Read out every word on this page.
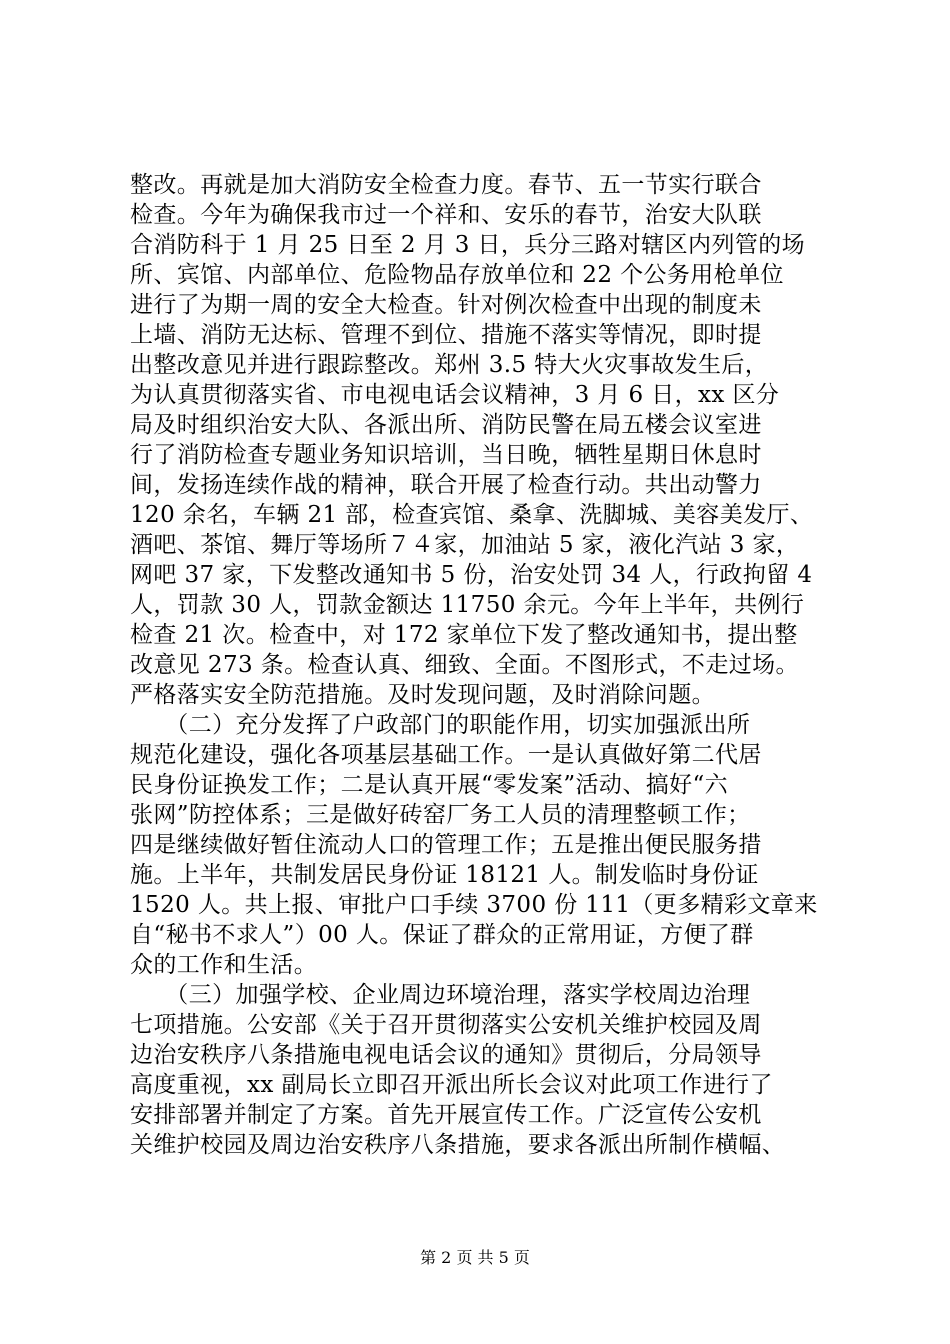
整改。再就是加大消防安全检查力度。春节、五一节实行联合

检查。今年为确保我市过一个祥和、安乐的春节，治安大队联

合消防科于 1 月 25 日至 2 月 3 日，兵分三路对辖区内列管的场

所、宾馆、内部单位、危险物品存放单位和 22 个公务用枪单位

进行了为期一周的安全大检查。针对例次检查中出现的制度未

上墙、消防无达标、管理不到位、措施不落实等情况，即时提

出整改意见并进行跟踪整改。郑州 3.5 特大火灾事故发生后，

为认真贯彻落实省、市电视电话会议精神，3 月 6 日，xx 区分

局及时组织治安大队、各派出所、消防民警在局五楼会议室进

行了消防检查专题业务知识培训，当日晚，牺牲星期日休息时

间，发扬连续作战的精神，联合开展了检查行动。共出动警力

120 余名，车辆 21 部，检查宾馆、桑拿、洗脚城、美容美发厅、

酒吧、茶馆、舞厅等场所７４家，加油站 5 家，液化汽站 3 家，

网吧 37 家，下发整改通知书 5 份，治安处罚 34 人，行政拘留 4

人，罚款 30 人，罚款金额达 11750 余元。今年上半年，共例行

检查 21 次。检查中，对 172 家单位下发了整改通知书，提出整

改意见 273 条。检查认真、细致、全面。不图形式，不走过场。

严格落实安全防范措施。及时发现问题，及时消除问题。

　　（二）充分发挥了户政部门的职能作用，切实加强派出所

规范化建设，强化各项基层基础工作。一是认真做好第二代居

民身份证换发工作；二是认真开展“零发案”活动、搞好“六

张网”防控体系；三是做好砖窑厂务工人员的清理整顿工作；

四是继续做好暂住流动人口的管理工作；五是推出便民服务措

施。上半年，共制发居民身份证 18121 人。制发临时身份证

1520 人。共上报、审批户口手续 3700 份 111（更多精彩文章来

自“秘书不求人”）00 人。保证了群众的正常用证，方便了群

众的工作和生活。

　　（三）加强学校、企业周边环境治理，落实学校周边治理

七项措施。公安部《关于召开贯彻落实公安机关维护校园及周

边治安秩序八条措施电视电话会议的通知》贯彻后，分局领导

高度重视，xx 副局长立即召开派出所长会议对此项工作进行了

安排部署并制定了方案。首先开展宣传工作。广泛宣传公安机

关维护校园及周边治安秩序八条措施，要求各派出所制作横幅、

第 2 页 共 5 页
